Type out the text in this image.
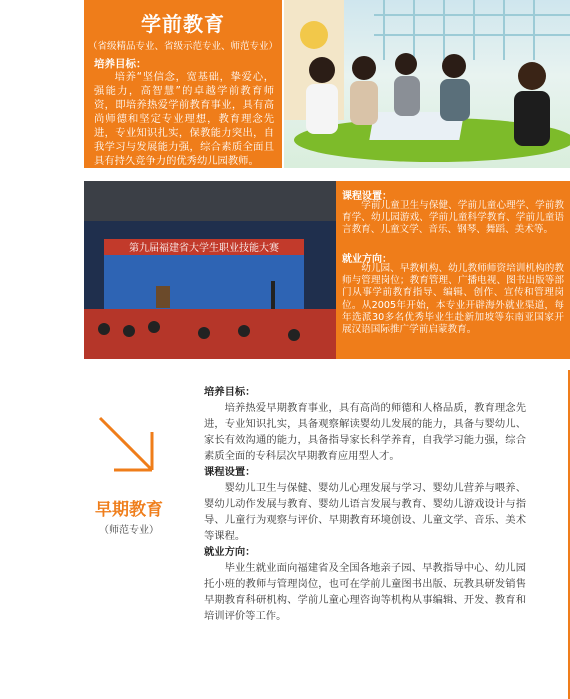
学前教育
（省级精品专业、省级示范专业、师范专业）
培养目标：
培养“坚信念，宽基础，挚爱心，强能力，高智慧”的卓越学前教育师资，即培养热爱学前教育事业，具有高尚师德和坚定专业理想，教育理念先进，专业知识扎实，保教能力突出，自我学习与发展能力强，综合素质全面且具有持久竞争力的优秀幼儿园教师。
第九届福建省大学生职业技能大赛
课程设置：
学前儿童卫生与保健、学前儿童心理学、学前教育学、幼儿园游戏、学前儿童科学教育、学前儿童语言教育、儿童文学、音乐、钢琴、舞蹈、美术等。
就业方向：
幼儿园、早教机构、幼儿教师师资培训机构的教师与管理岗位；教育管理、广播电视、图书出版等部门从事学前教育指导、编辑、创作、宣传和管理岗位。从2005年开始，本专业开辟海外就业渠道，每年选派30多名优秀毕业生赴新加坡等东南亚国家开展汉语国际推广学前启蒙教育。
早期教育
（师范专业）
培养目标：

培养热爱早期教育事业，具有高尚的师德和人格品质，教育理念先进，专业知识扎实，具备观察解读婴幼儿发展的能力，具备与婴幼儿、家长有效沟通的能力，具备指导家长科学养育，自我学习能力强，综合素质全面的专科层次早期教育应用型人才。

课程设置：

婴幼儿卫生与保健、婴幼儿心理发展与学习、婴幼儿营养与喂养、婴幼儿动作发展与教育、婴幼儿语言发展与教育、婴幼儿游戏设计与指导、儿童行为观察与评价、早期教育环境创设、儿童文学、音乐、美术等课程。

就业方向：

毕业生就业面向福建省及全国各地亲子园、早教指导中心、幼儿园托小班的教师与管理岗位，也可在学前儿童图书出版、玩教具研发销售早期教育科研机构、学前儿童心理咨询等机构从事编辑、开发、教育和培训评价等工作。
